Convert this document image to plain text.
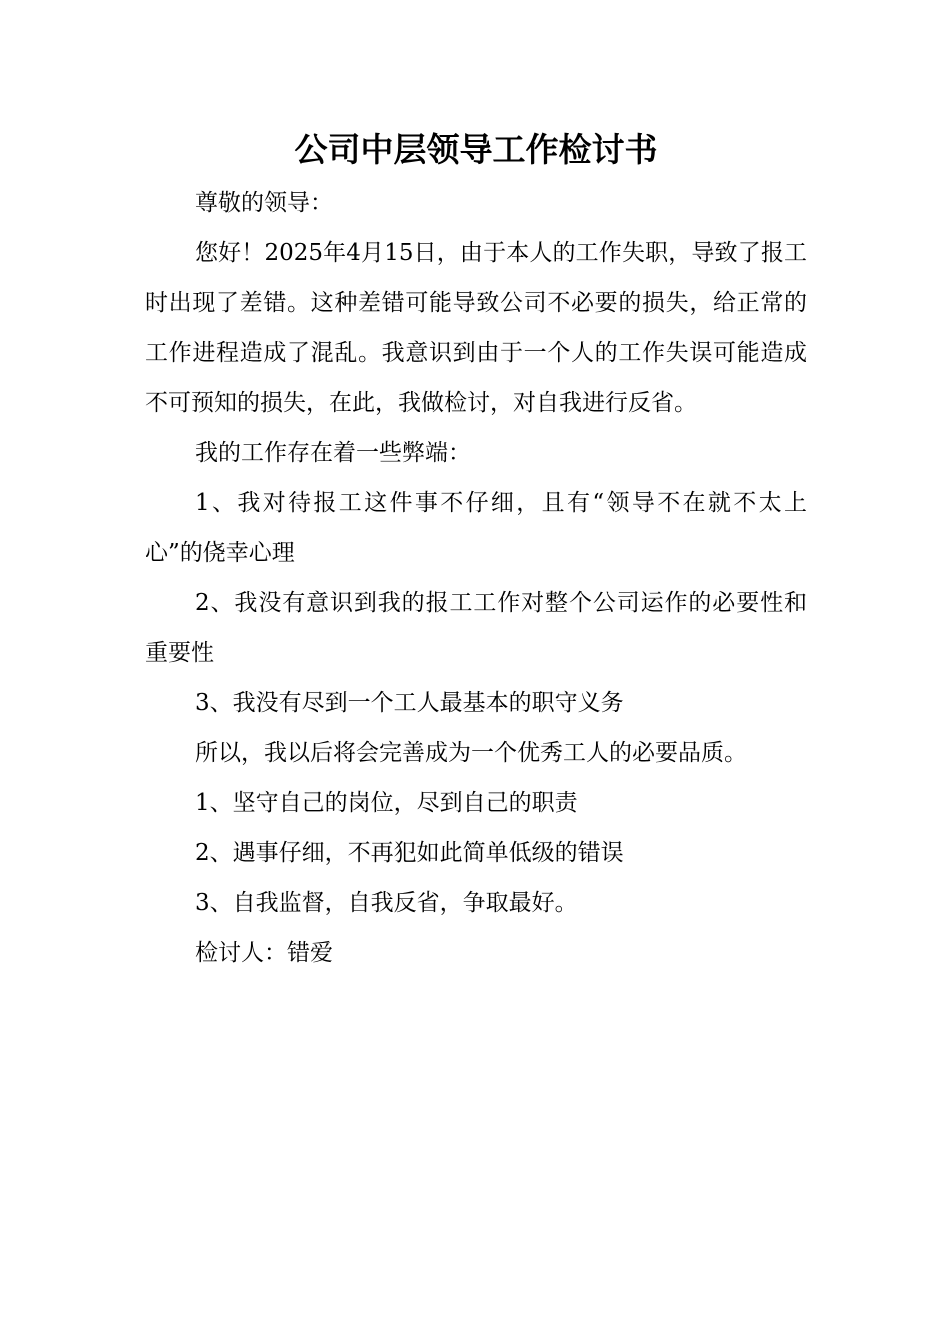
公司中层领导工作检讨书

尊敬的领导：

您好！2025年4月15日，由于本人的工作失职，导致了报工时出现了差错。这种差错可能导致公司不必要的损失，给正常的工作进程造成了混乱。我意识到由于一个人的工作失误可能造成不可预知的损失，在此，我做检讨，对自我进行反省。

我的工作存在着一些弊端：

1、我对待报工这件事不仔细，且有“领导不在就不太上心”的侥幸心理

2、我没有意识到我的报工工作对整个公司运作的必要性和重要性

3、我没有尽到一个工人最基本的职守义务

所以，我以后将会完善成为一个优秀工人的必要品质。

1、坚守自己的岗位，尽到自己的职责

2、遇事仔细，不再犯如此简单低级的错误

3、自我监督，自我反省，争取最好。

检讨人：错爱
